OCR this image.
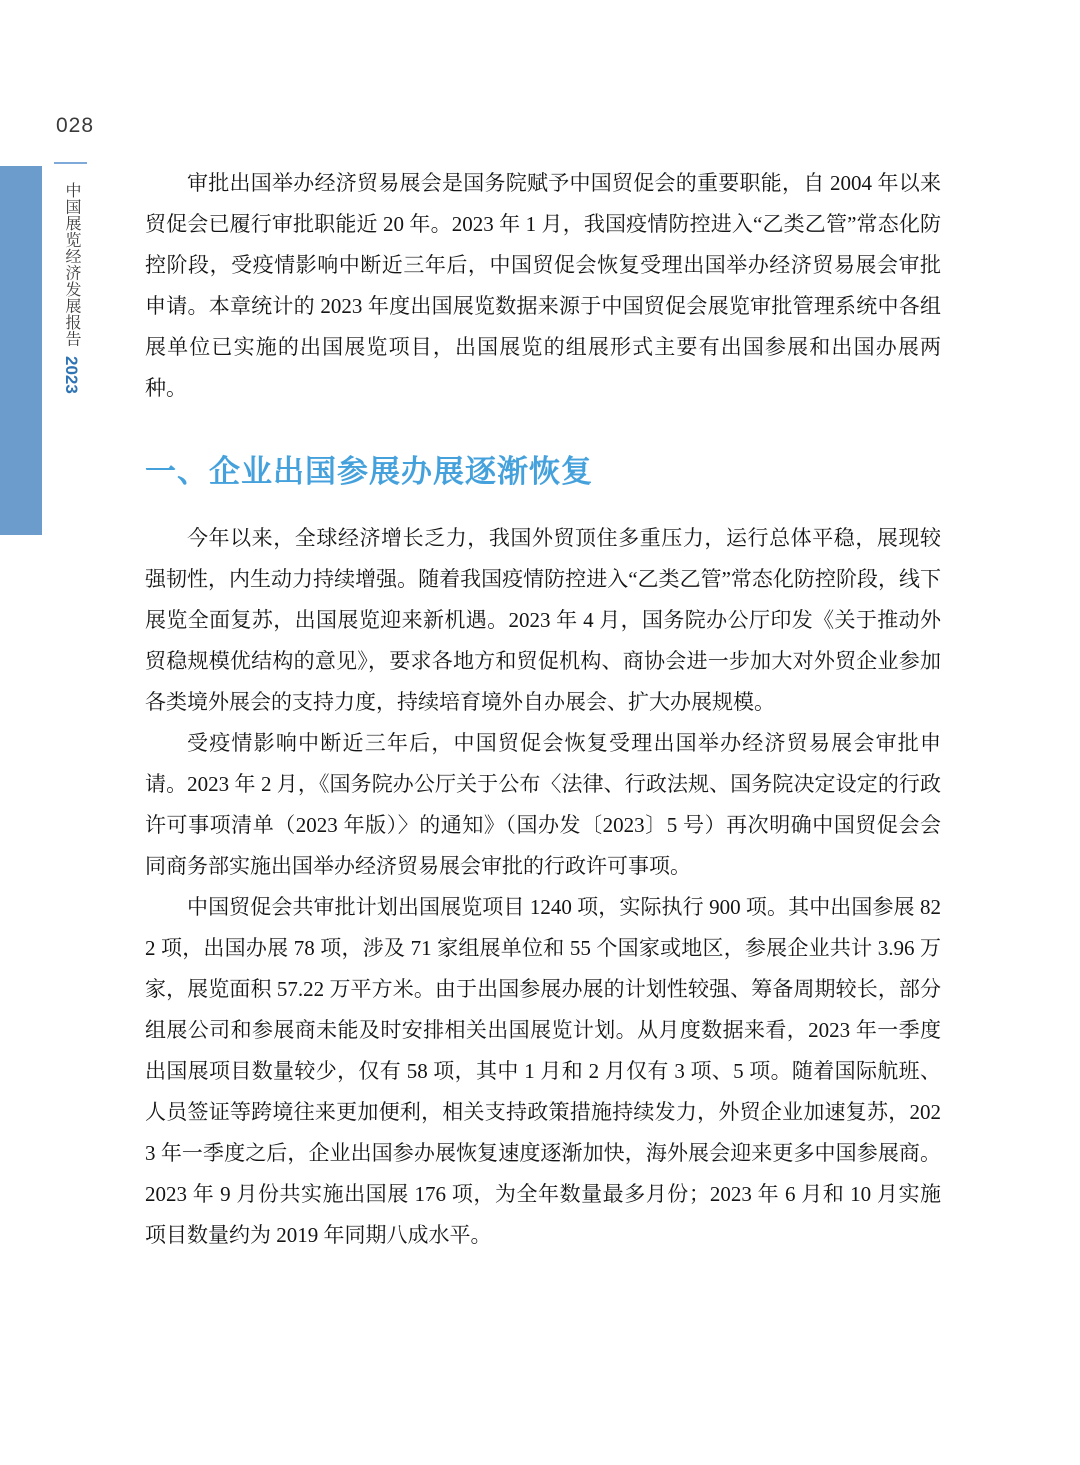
028
中国展览经济发展报告2023

审批出国举办经济贸易展会是国务院赋予中国贸促会的重要职能，自 2004 年以来贸促会已履行审批职能近 20 年。2023 年 1 月，我国疫情防控进入“乙类乙管”常态化防控阶段，受疫情影响中断近三年后，中国贸促会恢复受理出国举办经济贸易展会审批申请。本章统计的 2023 年度出国展览数据来源于中国贸促会展览审批管理系统中各组展单位已实施的出国展览项目，出国展览的组展形式主要有出国参展和出国办展两种。

一、企业出国参展办展逐渐恢复

今年以来，全球经济增长乏力，我国外贸顶住多重压力，运行总体平稳，展现较强韧性，内生动力持续增强。随着我国疫情防控进入“乙类乙管”常态化防控阶段，线下展览全面复苏，出国展览迎来新机遇。2023 年 4 月，国务院办公厅印发《关于推动外贸稳规模优结构的意见》，要求各地方和贸促机构、商协会进一步加大对外贸企业参加各类境外展会的支持力度，持续培育境外自办展会、扩大办展规模。

受疫情影响中断近三年后，中国贸促会恢复受理出国举办经济贸易展会审批申请。2023 年 2 月，《国务院办公厅关于公布〈法律、行政法规、国务院决定设定的行政许可事项清单（2023 年版）〉的通知》（国办发〔2023〕5 号）再次明确中国贸促会会同商务部实施出国举办经济贸易展会审批的行政许可事项。

中国贸促会共审批计划出国展览项目 1240 项，实际执行 900 项。其中出国参展 822 项，出国办展 78 项，涉及 71 家组展单位和 55 个国家或地区，参展企业共计 3.96 万家，展览面积 57.22 万平方米。由于出国参展办展的计划性较强、筹备周期较长，部分组展公司和参展商未能及时安排相关出国展览计划。从月度数据来看，2023 年一季度出国展项目数量较少，仅有 58 项，其中 1 月和 2 月仅有 3 项、5 项。随着国际航班、人员签证等跨境往来更加便利，相关支持政策措施持续发力，外贸企业加速复苏，2023 年一季度之后，企业出国参办展恢复速度逐渐加快，海外展会迎来更多中国参展商。2023 年 9 月份共实施出国展 176 项，为全年数量最多月份；2023 年 6 月和 10 月实施项目数量约为 2019 年同期八成水平。
